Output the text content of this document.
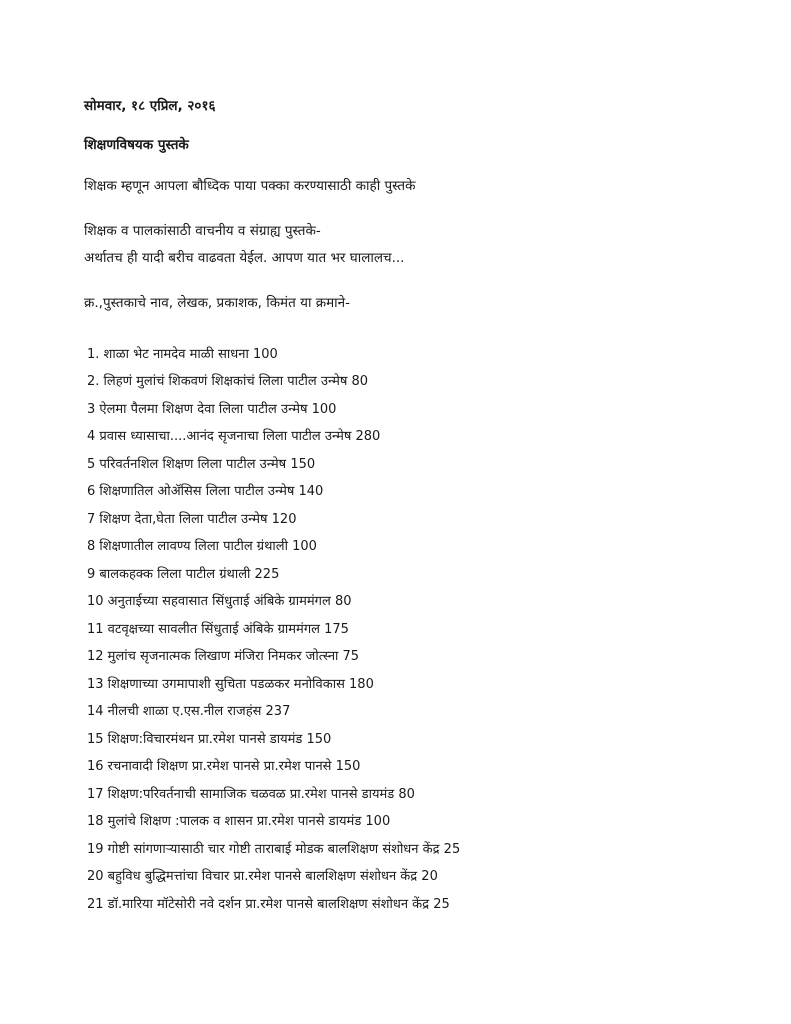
सोमवार, १८ एप्रिल, २०१६
शिक्षणविषयक पुस्तके
शिक्षक म्हणून आपला बौध्दिक पाया पक्का करण्यासाठी काही पुस्तके
शिक्षक व पालकांसाठी वाचनीय व संग्राह्य पुस्तके-
अर्थातच ही यादी बरीच वाढवता येईल. आपण यात भर घालालच...
क्र.,पुस्तकाचे नाव, लेखक, प्रकाशक, किमंत या क्रमाने-
1. शाळा भेट नामदेव माळी साधना 100
2. लिहणं मुलांचं शिकवणं शिक्षकांचं लिला पाटील उन्मेष 80
3 ऐलमा पैलमा शिक्षण देवा लिला पाटील उन्मेष 100
4 प्रवास ध्यासाचा....आनंद सृजनाचा लिला पाटील उन्मेष 280
5 परिवर्तनशिल शिक्षण लिला पाटील उन्मेष 150
6 शिक्षणातिल ओॲसिस लिला पाटील उन्मेष 140
7 शिक्षण देता,घेता लिला पाटील उन्मेष 120
8 शिक्षणातील लावण्य लिला पाटील ग्रंथाली 100
9 बालकहक्क लिला पाटील ग्रंथाली 225
10 अनुताईच्या सहवासात सिंधुताई अंबिके ग्राममंगल 80
11 वटवृक्षच्या सावलीत सिंधुताई अंबिके ग्राममंगल 175
12 मुलांच सृजनात्मक लिखाण मंजिरा निमकर जोत्स्ना 75
13 शिक्षणाच्या उगमापाशी सुचिता पडळकर मनोविकास 180
14 नीलची शाळा ए.एस.नील राजहंस 237
15 शिक्षण:विचारमंथन प्रा.रमेश पानसे डायमंड 150
16 रचनावादी शिक्षण प्रा.रमेश पानसे प्रा.रमेश पानसे 150
17 शिक्षण:परिवर्तनाची सामाजिक चळवळ प्रा.रमेश पानसे डायमंड 80
18 मुलांचे शिक्षण :पालक व शासन प्रा.रमेश पानसे डायमंड 100
19 गोष्टी सांगणाऱ्यासाठी चार गोष्टी ताराबाई मोडक बालशिक्षण संशोधन केंद्र 25
20 बहुविध बुद्धिमत्तांचा विचार प्रा.रमेश पानसे बालशिक्षण संशोधन केंद्र 20
21 डॉ.मारिया मॉटेसोरी नवे दर्शन प्रा.रमेश पानसे बालशिक्षण संशोधन केंद्र 25
